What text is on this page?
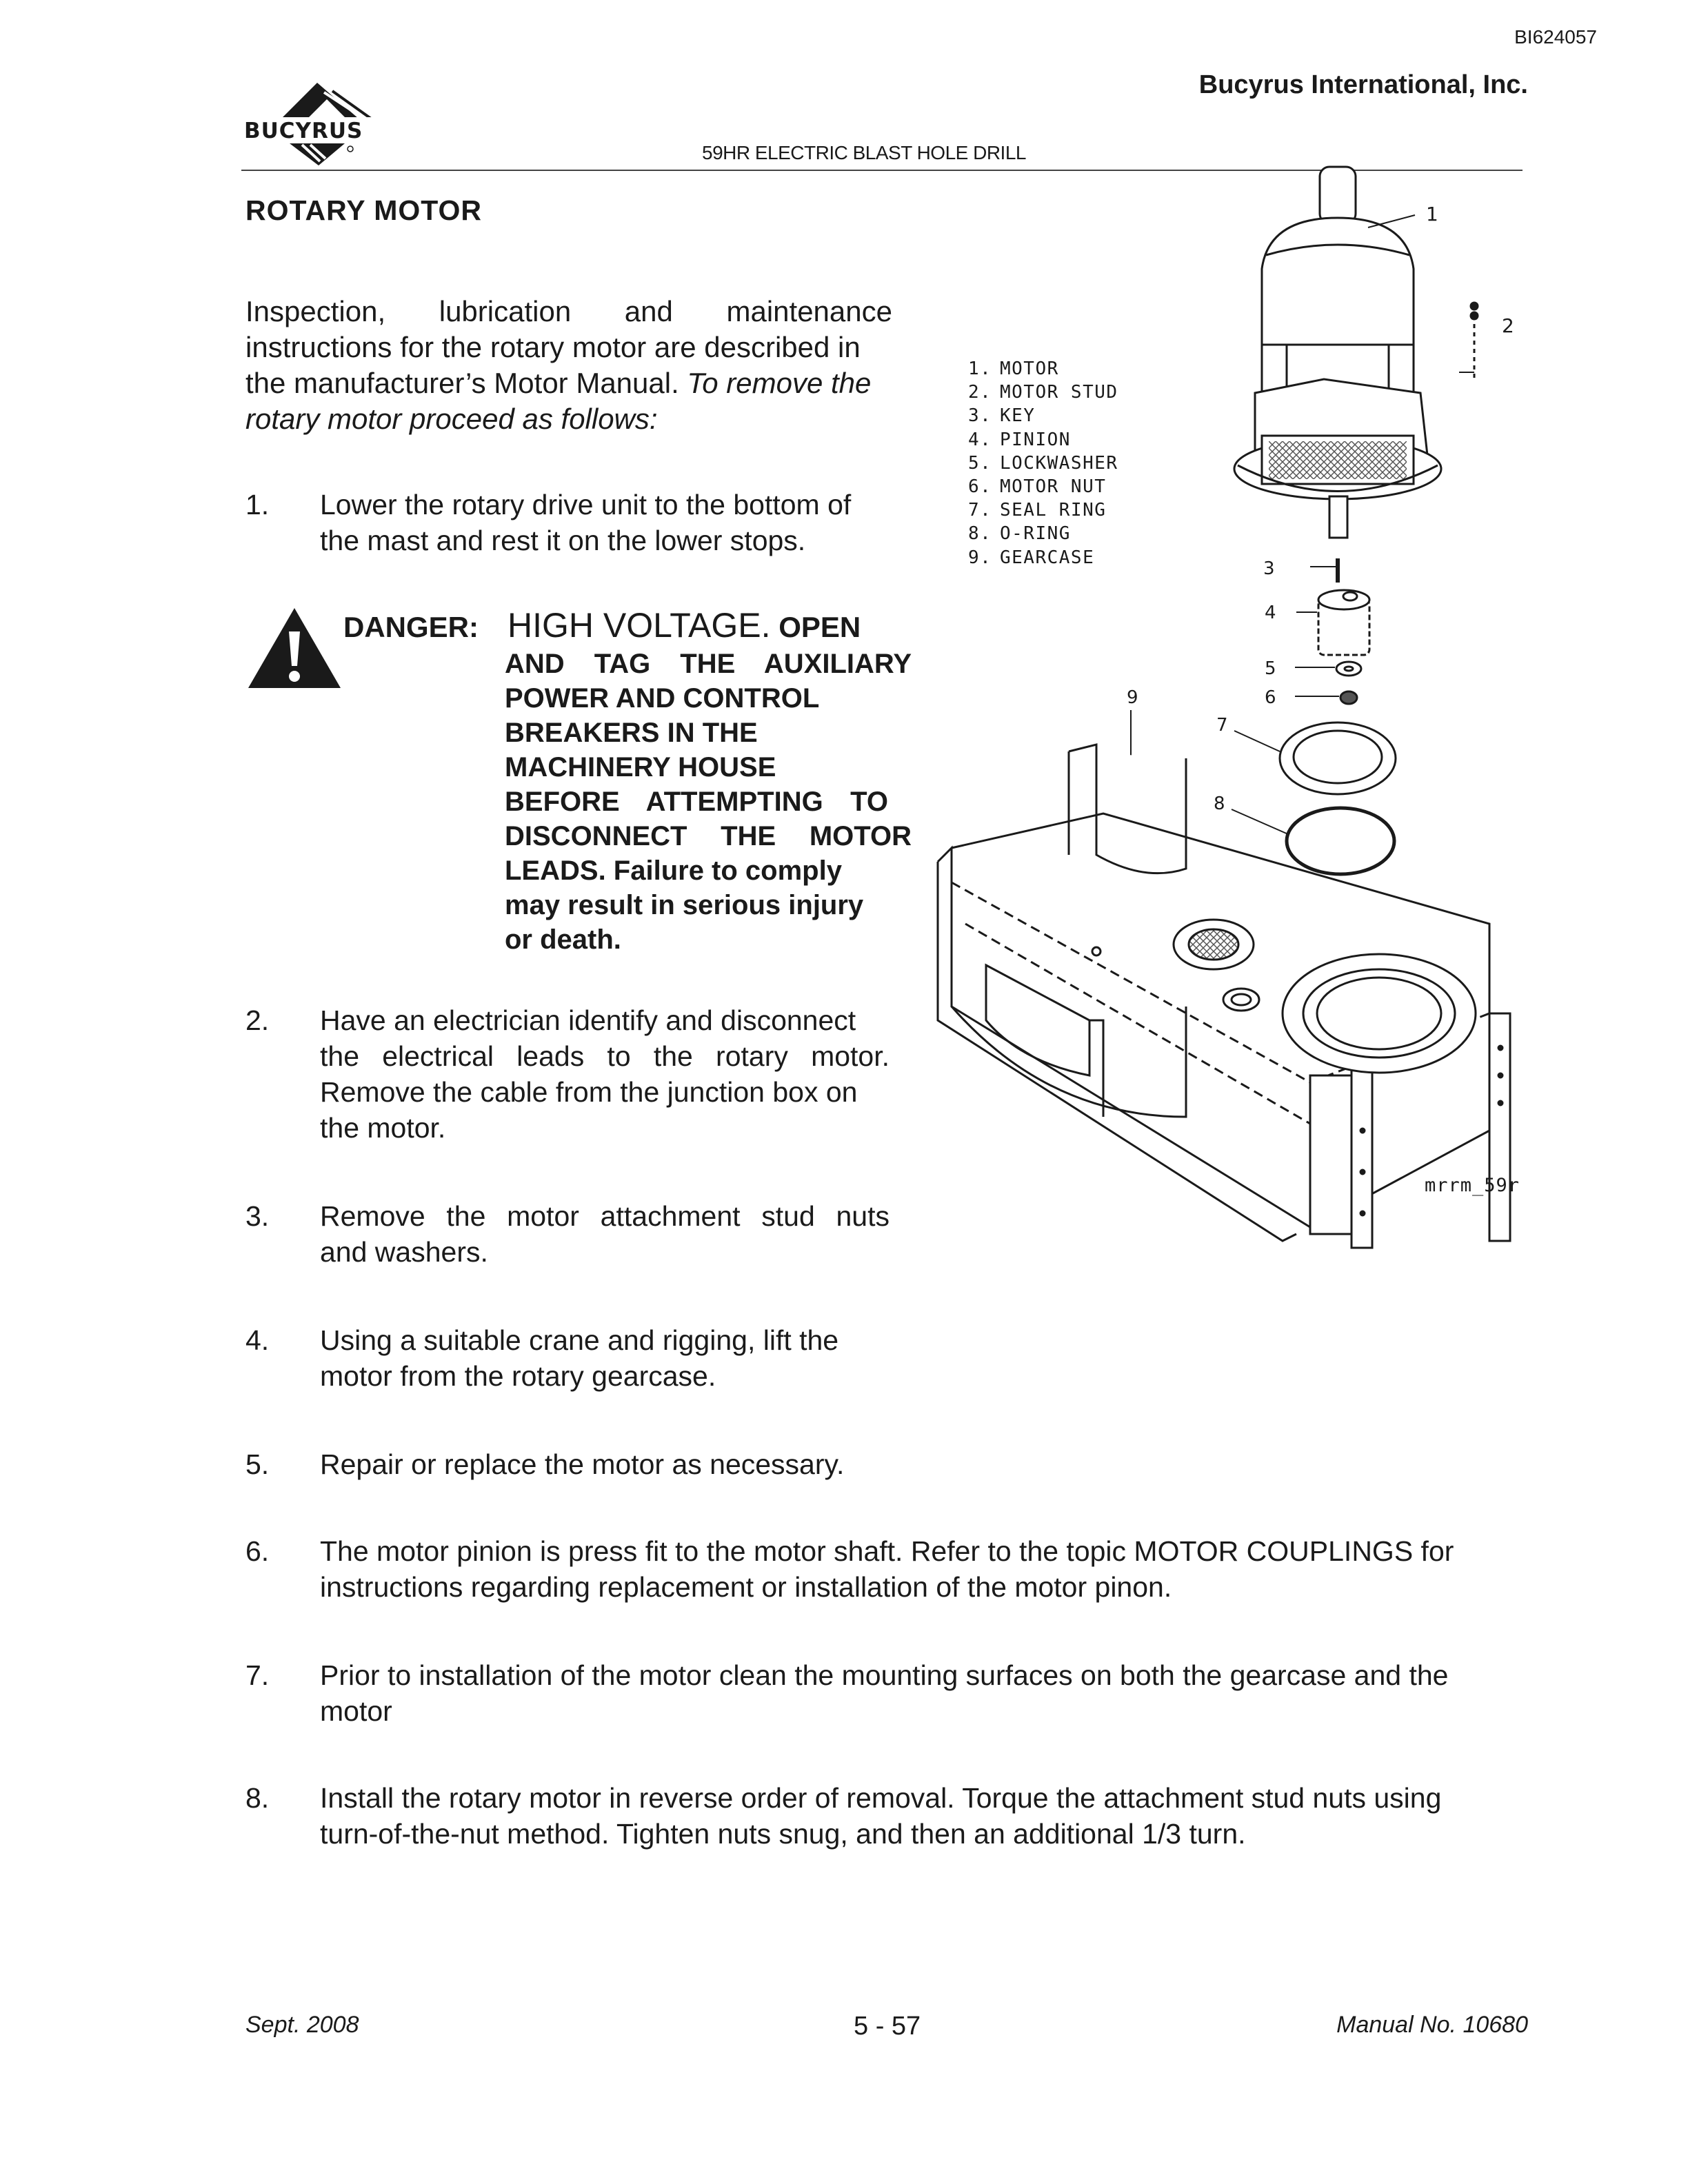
BI624057
Bucyrus International, Inc.
BUCYRUS
59HR ELECTRIC BLAST HOLE DRILL
ROTARY MOTOR
Inspection, lubrication and maintenance
instructions for the rotary motor are described in
the manufacturer’s Motor Manual. To remove the
rotary motor proceed as follows:
1. Lower the rotary drive unit to the bottom of
the mast and rest it on the lower stops.
DANGER: HIGH VOLTAGE. OPEN
AND TAG THE AUXILIARY
POWER AND CONTROL
BREAKERS IN THE
MACHINERY HOUSE
BEFORE ATTEMPTING TO
DISCONNECT THE MOTOR
LEADS. Failure to comply
may result in serious injury
or death.
2. Have an electrician identify and disconnect
the electrical leads to the rotary motor.
Remove the cable from the junction box on
the motor.
3. Remove the motor attachment stud nuts
and washers.
4. Using a suitable crane and rigging, lift the
motor from the rotary gearcase.
5. Repair or replace the motor as necessary.
6. The motor pinion is press fit to the motor shaft. Refer to the topic MOTOR COUPLINGS for
instructions regarding replacement or installation of the motor pinon.
7. Prior to installation of the motor clean the mounting surfaces on both the gearcase and the
motor
8. Install the rotary motor in reverse order of removal. Torque the attachment stud nuts using
turn-of-the-nut method. Tighten nuts snug, and then an additional 1/3 turn.
1. MOTOR
2. MOTOR STUD
3. KEY
4. PINION
5. LOCKWASHER
6. MOTOR NUT
7. SEAL RING
8. O-RING
9. GEARCASE
1
2
3
4
5
6
7
8
9
mrrm_59r
Sept. 2008	5 - 57	Manual No. 10680
